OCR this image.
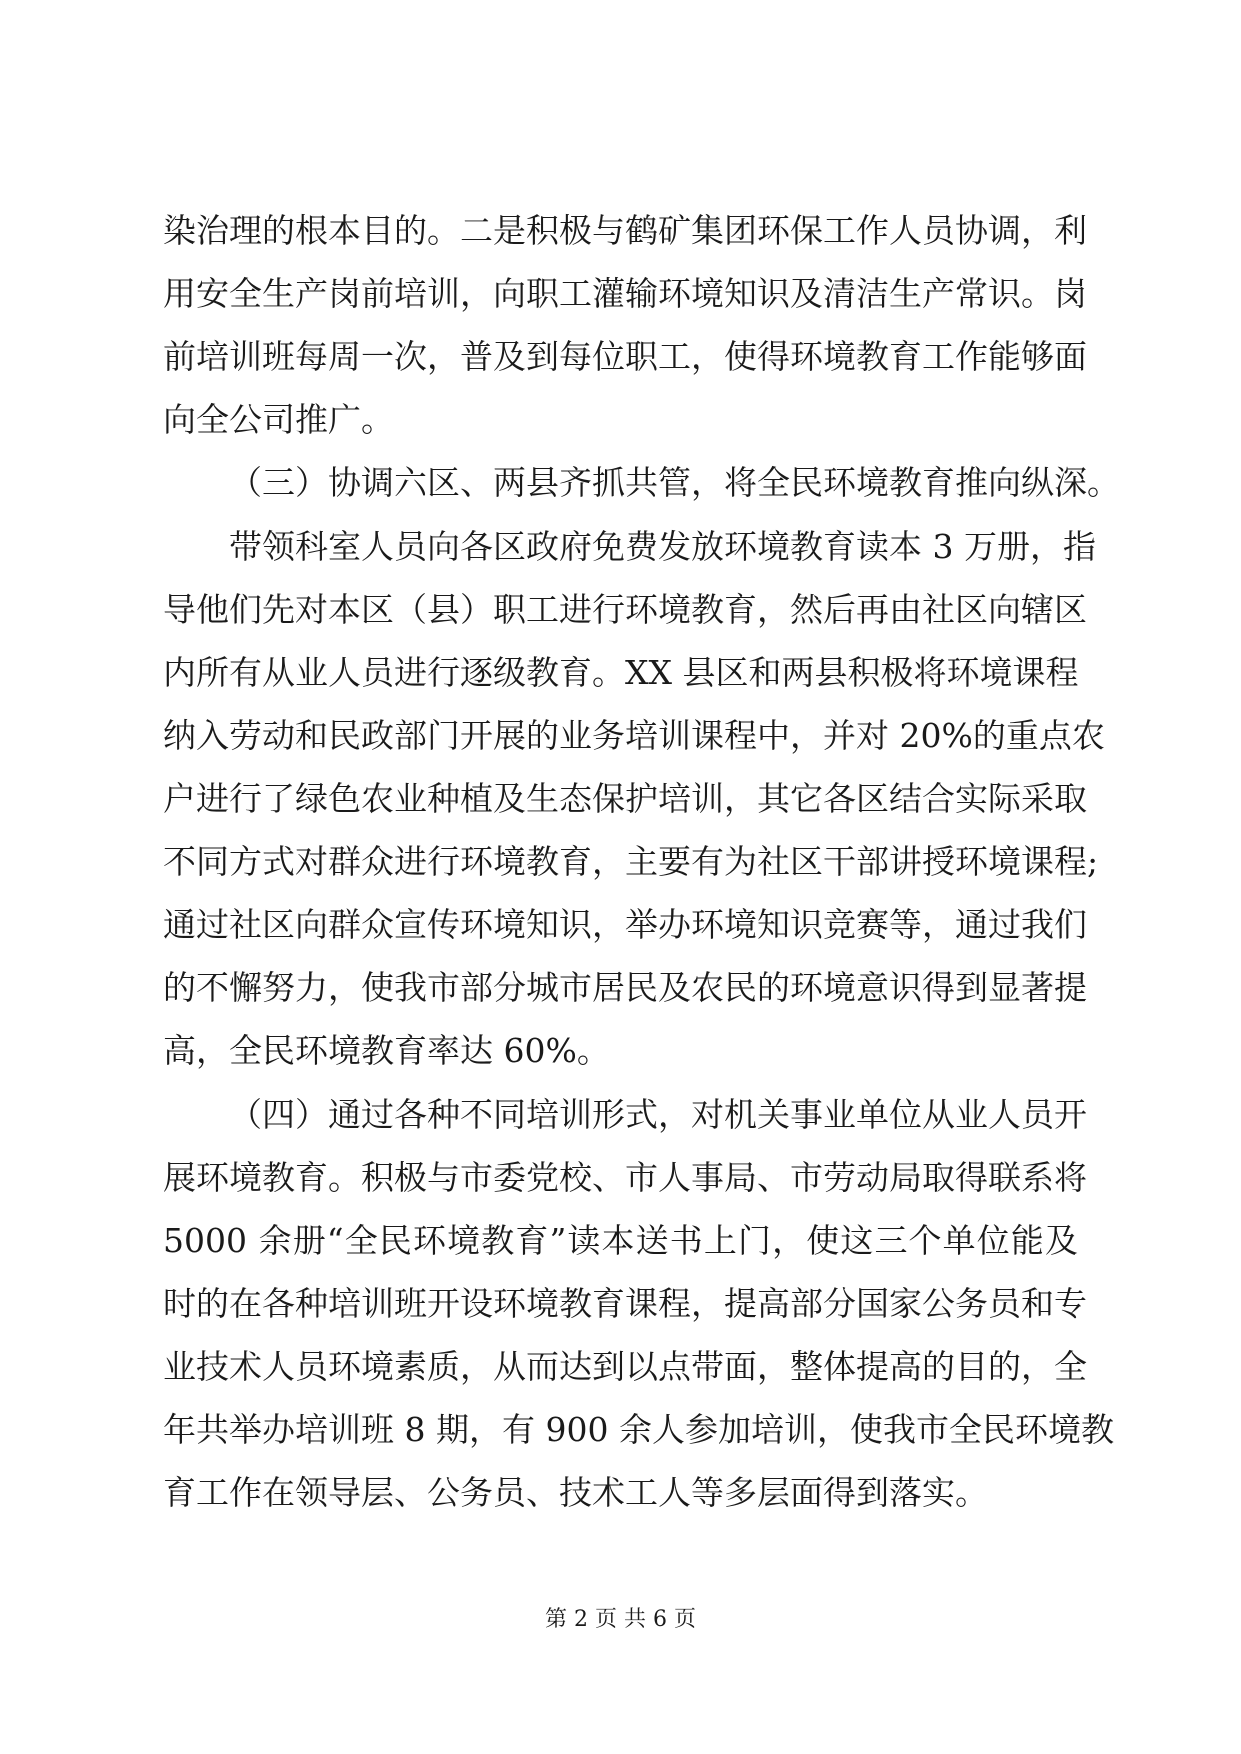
染治理的根本目的。二是积极与鹤矿集团环保工作人员协调，利
用安全生产岗前培训，向职工灌输环境知识及清洁生产常识。岗
前培训班每周一次，普及到每位职工，使得环境教育工作能够面
向全公司推广。
（三）协调六区、两县齐抓共管，将全民环境教育推向纵深。
带领科室人员向各区政府免费发放环境教育读本 3 万册，指
导他们先对本区（县）职工进行环境教育，然后再由社区向辖区
内所有从业人员进行逐级教育。XX 县区和两县积极将环境课程
纳入劳动和民政部门开展的业务培训课程中，并对 20%的重点农
户进行了绿色农业种植及生态保护培训，其它各区结合实际采取
不同方式对群众进行环境教育，主要有为社区干部讲授环境课程;
通过社区向群众宣传环境知识，举办环境知识竞赛等，通过我们
的不懈努力，使我市部分城市居民及农民的环境意识得到显著提
高，全民环境教育率达 60%。
（四）通过各种不同培训形式，对机关事业单位从业人员开
展环境教育。积极与市委党校、市人事局、市劳动局取得联系将
5000 余册“全民环境教育”读本送书上门，使这三个单位能及
时的在各种培训班开设环境教育课程，提高部分国家公务员和专
业技术人员环境素质，从而达到以点带面，整体提高的目的，全
年共举办培训班 8 期，有 900 余人参加培训，使我市全民环境教
育工作在领导层、公务员、技术工人等多层面得到落实。
第 2 页 共 6 页
